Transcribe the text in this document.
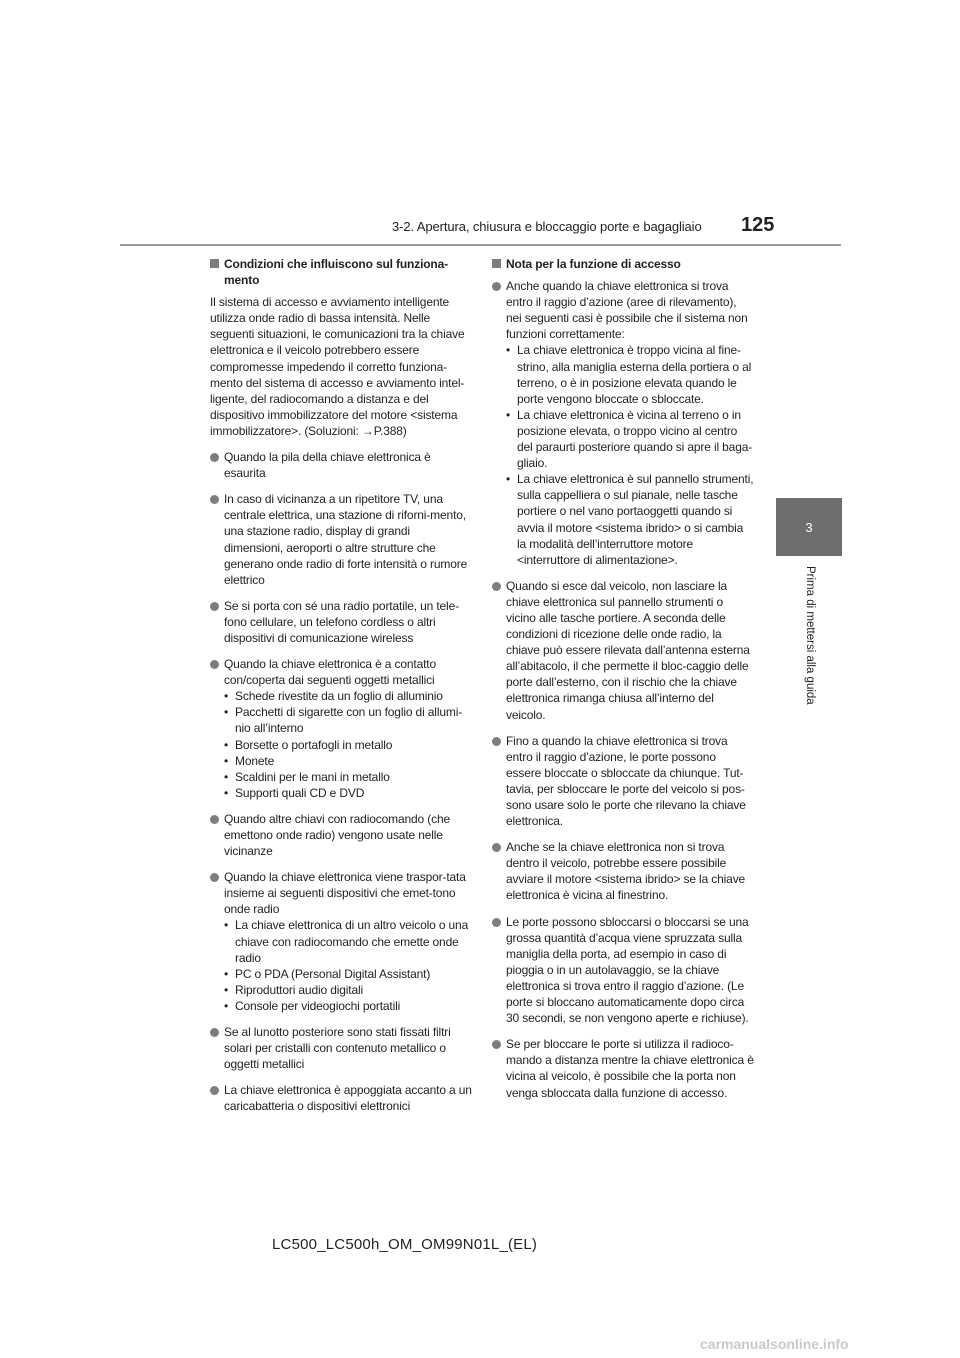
3-2. Apertura, chiusura e bloccaggio porte e bagagliaio 125
3
Prima di mettersi alla guida
Condizioni che influiscono sul funziona-mento
Il sistema di accesso e avviamento intelligente utilizza onde radio di bassa intensità. Nelle seguenti situazioni, le comunicazioni tra la chiave elettronica e il veicolo potrebbero essere compromesse impedendo il corretto funziona-mento del sistema di accesso e avviamento intel-ligente, del radiocomando a distanza e del dispositivo immobilizzatore del motore <sistema immobilizzatore>. (Soluzioni: →P.388)
Quando la pila della chiave elettronica è esaurita
In caso di vicinanza a un ripetitore TV, una centrale elettrica, una stazione di riforni-mento, una stazione radio, display di grandi dimensioni, aeroporti o altre strutture che generano onde radio di forte intensità o rumore elettrico
Se si porta con sé una radio portatile, un tele-fono cellulare, un telefono cordless o altri dispositivi di comunicazione wireless
Quando la chiave elettronica è a contatto con/coperta dai seguenti oggetti metallici
• Schede rivestite da un foglio di alluminio
• Pacchetti di sigarette con un foglio di allumi-nio all’interno
• Borsette o portafogli in metallo
• Monete
• Scaldini per le mani in metallo
• Supporti quali CD e DVD
Quando altre chiavi con radiocomando (che emettono onde radio) vengono usate nelle vicinanze
Quando la chiave elettronica viene traspor-tata insieme ai seguenti dispositivi che emet-tono onde radio
• La chiave elettronica di un altro veicolo o una chiave con radiocomando che emette onde radio
• PC o PDA (Personal Digital Assistant)
• Riproduttori audio digitali
• Console per videogiochi portatili
Se al lunotto posteriore sono stati fissati filtri solari per cristalli con contenuto metallico o oggetti metallici
La chiave elettronica è appoggiata accanto a un caricabatteria o dispositivi elettronici
Nota per la funzione di accesso
Anche quando la chiave elettronica si trova entro il raggio d’azione (aree di rilevamento), nei seguenti casi è possibile che il sistema non funzioni correttamente:
• La chiave elettronica è troppo vicina al fine-strino, alla maniglia esterna della portiera o al terreno, o è in posizione elevata quando le porte vengono bloccate o sbloccate.
• La chiave elettronica è vicina al terreno o in posizione elevata, o troppo vicino al centro del paraurti posteriore quando si apre il baga-gliaio.
• La chiave elettronica è sul pannello strumenti, sulla cappelliera o sul pianale, nelle tasche portiere o nel vano portaoggetti quando si avvia il motore <sistema ibrido> o si cambia la modalità dell’interruttore motore <interruttore di alimentazione>.
Quando si esce dal veicolo, non lasciare la chiave elettronica sul pannello strumenti o vicino alle tasche portiere. A seconda delle condizioni di ricezione delle onde radio, la chiave può essere rilevata dall’antenna esterna all’abitacolo, il che permette il bloc-caggio delle porte dall’esterno, con il rischio che la chiave elettronica rimanga chiusa all’interno del veicolo.
Fino a quando la chiave elettronica si trova entro il raggio d’azione, le porte possono essere bloccate o sbloccate da chiunque. Tut-tavia, per sbloccare le porte del veicolo si pos-sono usare solo le porte che rilevano la chiave elettronica.
Anche se la chiave elettronica non si trova dentro il veicolo, potrebbe essere possibile avviare il motore <sistema ibrido> se la chiave elettronica è vicina al finestrino.
Le porte possono sbloccarsi o bloccarsi se una grossa quantità d’acqua viene spruzzata sulla maniglia della porta, ad esempio in caso di pioggia o in un autolavaggio, se la chiave elettronica si trova entro il raggio d’azione. (Le porte si bloccano automaticamente dopo circa 30 secondi, se non vengono aperte e richiuse).
Se per bloccare le porte si utilizza il radioco-mando a distanza mentre la chiave elettronica è vicina al veicolo, è possibile che la porta non venga sbloccata dalla funzione di accesso.
LC500_LC500h_OM_OM99N01L_(EL)
carmanualsonline.info
